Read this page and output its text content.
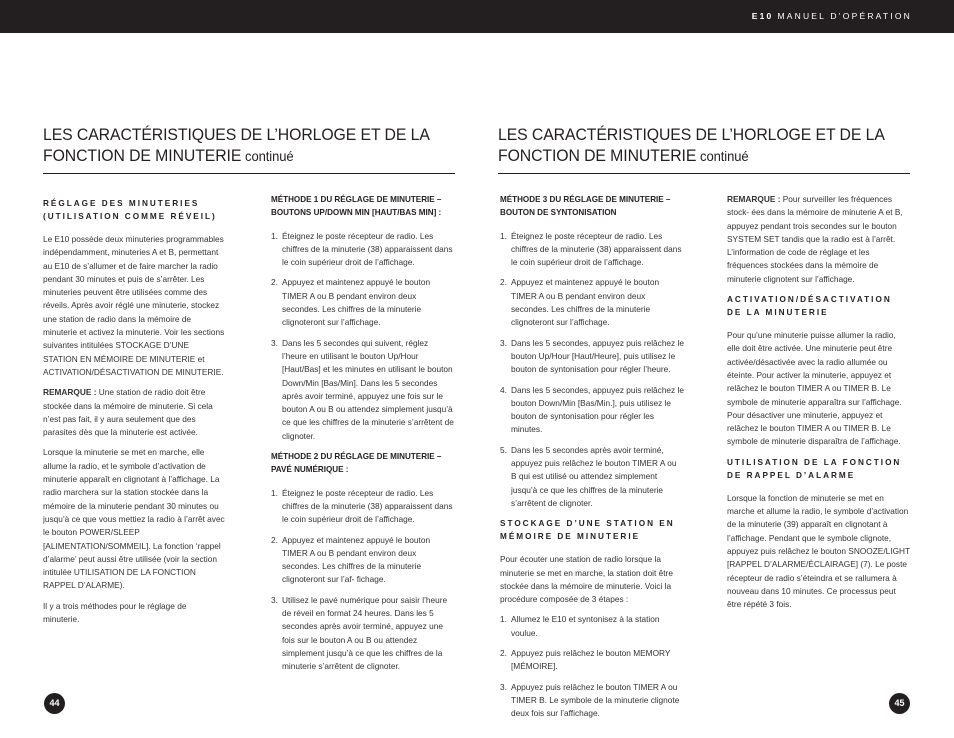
E10 MANUEL D’OPÉRATION
LES CARACTÉRISTIQUES DE L’HORLOGE ET DE LA
FONCTION DE MINUTERIE continué
LES CARACTÉRISTIQUES DE L’HORLOGE ET DE LA
FONCTION DE MINUTERIE continué
RÉGLAGE DES MINUTERIES (UTILISATION COMME RÉVEIL)

Le E10 possède deux minuteries programmables indépendamment, minuteries A et B, permettant au E10 de s’allumer et de faire marcher la radio pendant 30 minutes et puis de s’arrêter. Les minuteries peuvent être utilisées comme des réveils. Après avoir réglé une minuterie, stockez une station de radio dans la mémoire de minuterie et activez la minuterie. Voir les sections suivantes intitulées STOCKAGE D’UNE STATION EN MÉMOIRE DE MINUTERIE et ACTIVATION/DÉSACTIVATION DE MINUTERIE.

REMARQUE : Une station de radio doit être stockée dans la mémoire de minuterie. Si cela n’est pas fait, il y aura seulement que des parasites dès que la minuterie est activée.

Lorsque la minuterie se met en marche, elle allume la radio, et le symbole d’activation de minuterie apparaît en clignotant à l’affichage. La radio marchera sur la station stockée dans la mémoire de la minuterie pendant 30 minutes ou jusqu’à ce que vous mettiez la radio à l’arrêt avec le bouton POWER/SLEEP [ALIMENTATION/SOMMEIL]. La fonction ‘rappel d’alarme’ peut aussi être utilisée (voir la section intitulée UTILISATION DE LA FONCTION RAPPEL D’ALARME).

Il y a trois méthodes pour le réglage de minuterie.

MÉTHODE 1 DU RÉGLAGE DE MINUTERIE – BOUTONS UP/DOWN MIN [HAUT/BAS MIN] :
1. Éteignez le poste récepteur de radio. Les chiffres de la minuterie (38) apparaissent dans le coin supérieur droit de l’affichage.
2. Appuyez et maintenez appuyé le bouton TIMER A ou B pendant environ deux secondes. Les chiffres de la minuterie clignoteront sur l’affichage.
3. Dans les 5 secondes qui suivent, réglez l’heure en utilisant le bouton Up/Hour [Haut/Bas] et les minutes en utilisant le bouton Down/Min [Bas/Min]. Dans les 5 secondes après avoir terminé, appuyez une fois sur le bouton A ou B ou attendez simplement jusqu’à ce que les chiffres de la minuterie s’arrêtent de clignoter.
MÉTHODE 2 DU RÉGLAGE DE MINUTERIE – PAVÉ NUMÉRIQUE :
1. Éteignez le poste récepteur de radio. Les chiffres de la minuterie (38) apparaissent dans le coin supérieur droit de l’affichage.
2. Appuyez et maintenez appuyé le bouton TIMER A ou B pendant environ deux secondes. Les chiffres de la minuterie clignoteront sur l’af- fichage.
3. Utilisez le pavé numérique pour saisir l’heure de réveil en format 24 heures. Dans les 5 secondes après avoir terminé, appuyez une fois sur le bouton A ou B ou attendez simplement jusqu’à ce que les chiffres de la minuterie s’arrêtent de clignoter.
MÉTHODE 3 DU RÉGLAGE DE MINUTERIE – BOUTON DE SYNTONISATION
1. Éteignez le poste récepteur de radio. Les chiffres de la minuterie (38) apparaissent dans le coin supérieur droit de l’affichage.
2. Appuyez et maintenez appuyé le bouton TIMER A ou B pendant environ deux secondes. Les chiffres de la minuterie clignoteront sur l’affichage.
3. Dans les 5 secondes, appuyez puis relâchez le bouton Up/Hour [Haut/Heure], puis utilisez le bouton de syntonisation pour régler l’heure.
4. Dans les 5 secondes, appuyez puis relâchez le bouton Down/Min [Bas/Min.], puis utilisez le bouton de syntonisation pour régler les minutes.
5. Dans les 5 secondes après avoir terminé, appuyez puis relâchez le bouton TIMER A ou B qui est utilisé ou attendez simplement jusqu’à ce que les chiffres de la minuterie s’arrêtent de clignoter.
STOCKAGE D’UNE STATION EN MÉMOIRE DE MINUTERIE

Pour écouter une station de radio lorsque la minuterie se met en marche, la station doit être stockée dans la mémoire de minuterie. Voici la procédure composée de 3 étapes :

1. Allumez le E10 et syntonisez à la station voulue.
2. Appuyez puis relâchez le bouton MEMORY [MÉMOIRE].
3. Appuyez puis relâchez le bouton TIMER A ou TIMER B. Le symbole de la minuterie clignote deux fois sur l’affichage.

REMARQUE : Pour surveiller les fréquences stock- ées dans la mémoire de minuterie A et B, appuyez pendant trois secondes sur le bouton SYSTEM SET tandis que la radio est à l’arrêt. L’information de code de réglage et les fréquences stockées dans la mémoire de minuterie clignotent sur l’affichage.

ACTIVATION/DÉSACTIVATION DE LA MINUTERIE

Pour qu’une minuterie puisse allumer la radio, elle doit être activée. Une minuterie peut être activée/désactivée avec la radio allumée ou éteinte. Pour activer la minuterie, appuyez et relâchez le bouton TIMER A ou TIMER B. Le symbole de minuterie apparaîtra sur l’affichage. Pour désactiver une minuterie, appuyez et relâchez le bouton TIMER A ou TIMER B. Le symbole de minuterie disparaîtra de l’affichage.

UTILISATION DE LA FONCTION DE RAPPEL D’ALARME

Lorsque la fonction de minuterie se met en marche et allume la radio, le symbole d’activation de la minuterie (39) apparaît en clignotant à l’affichage. Pendant que le symbole clignote, appuyez puis relâchez le bouton SNOOZE/LIGHT [RAPPEL D’ALARME/ÉCLAIRAGE] (7). Le poste récepteur de radio s’éteindra et se rallumera à nouveau dans 10 minutes. Ce processus peut être répété 3 fois.

44	45
